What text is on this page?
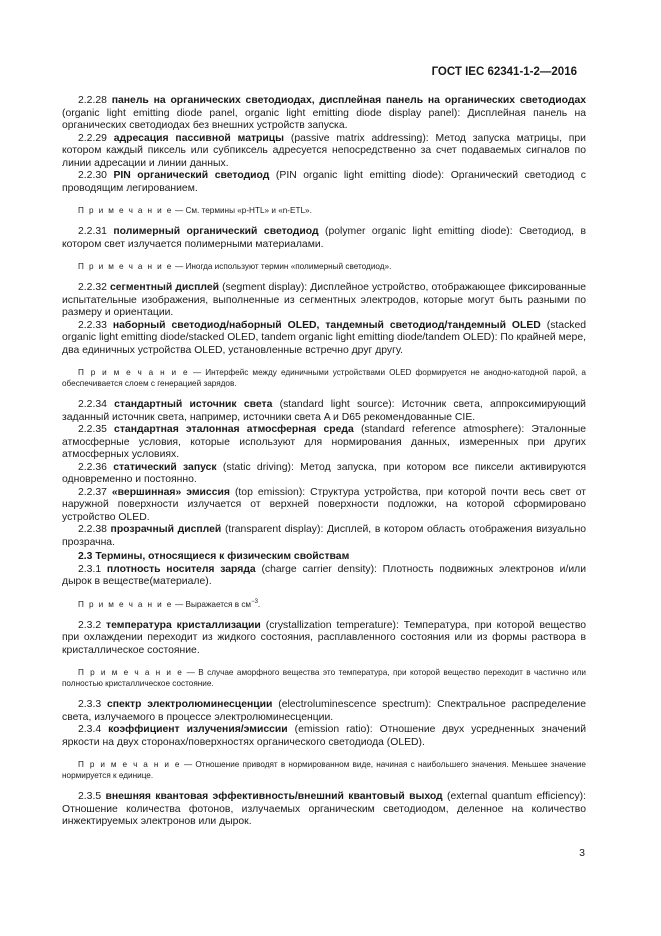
ГОСТ IEC 62341-1-2—2016

2.2.28 панель на органических светодиодах, дисплейная панель на органических светодиодах (organic light emitting diode panel, organic light emitting diode display panel): Дисплейная панель на органических светодиодах без внешних устройств запуска.

2.2.29 адресация пассивной матрицы (passive matrix addressing): Метод запуска матрицы, при котором каждый пиксель или субпиксель адресуется непосредственно за счет подаваемых сигналов по линии адресации и линии данных.

2.2.30 PIN органический светодиод (PIN organic light emitting diode): Органический светодиод с проводящим легированием.

П р и м е ч а н и е — См. термины «p-HTL» и «n-ETL».

2.2.31 полимерный органический светодиод (polymer organic light emitting diode): Светодиод, в котором свет излучается полимерными материалами.

П р и м е ч а н и е — Иногда используют термин «полимерный светодиод».

2.2.32 сегментный дисплей (segment display): Дисплейное устройство, отображающее фиксированные испытательные изображения, выполненные из сегментных электродов, которые могут быть разными по размеру и ориентации.

2.2.33 наборный светодиод/наборный OLED, тандемный светодиод/тандемный OLED (stacked organic light emitting diode/stacked OLED, tandem organic light emitting diode/tandem OLED): По крайней мере, два единичных устройства OLED, установленные встречно друг другу.

П р и м е ч а н и е — Интерфейс между единичными устройствами OLED формируется не анодно-катодной парой, а обеспечивается слоем с генерацией зарядов.

2.2.34 стандартный источник света (standard light source): Источник света, аппроксимирующий заданный источник света, например, источники света A и D65 рекомендованные CIE.

2.2.35 стандартная эталонная атмосферная среда (standard reference atmosphere): Эталонные атмосферные условия, которые используют для нормирования данных, измеренных при других атмосферных условиях.

2.2.36 статический запуск (static driving): Метод запуска, при котором все пиксели активируются одновременно и постоянно.

2.2.37 «вершинная» эмиссия (top emission): Структура устройства, при которой почти весь свет от наружной поверхности излучается от верхней поверхности подложки, на которой сформировано устройство OLED.

2.2.38 прозрачный дисплей (transparent display): Дисплей, в котором область отображения визуально прозрачна.

2.3 Термины, относящиеся к физическим свойствам

2.3.1 плотность носителя заряда (charge carrier density): Плотность подвижных электронов и/или дырок в веществе(материале).

П р и м е ч а н и е — Выражается в $см^{-3}$.

2.3.2 температура кристаллизации (crystallization temperature): Температура, при которой вещество при охлаждении переходит из жидкого состояния, расплавленного состояния или из формы раствора в кристаллическое состояние.

П р и м е ч а н и е — В случае аморфного вещества это температура, при которой вещество переходит в частично или полностью кристаллическое состояние.

2.3.3 спектр электролюминесценции (electroluminescence spectrum): Спектральное распределение света, излучаемого в процессе электролюминесценции.

2.3.4 коэффициент излучения/эмиссии (emission ratio): Отношение двух усредненных значений яркости на двух сторонах/поверхностях органического светодиода (OLED).

П р и м е ч а н и е — Отношение приводят в нормированном виде, начиная с наибольшего значения. Меньшее значение нормируется к единице.

2.3.5 внешняя квантовая эффективность/внешний квантовый выход (external quantum efficiency): Отношение количества фотонов, излучаемых органическим светодиодом, деленное на количество инжектируемых электронов или дырок.

3
